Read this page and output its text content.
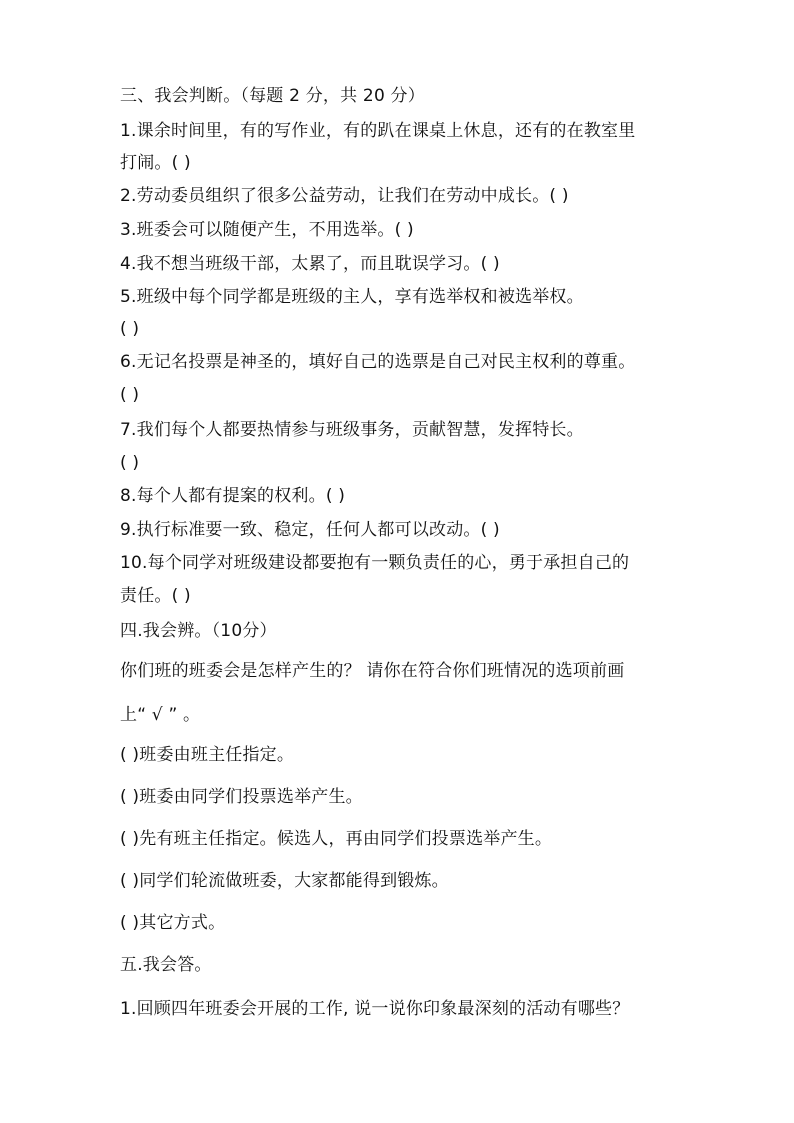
三、我会判断。（每题 2 分，共 20 分）
1.课余时间里，有的写作业，有的趴在课桌上休息，还有的在教室里
打闹。( )
2.劳动委员组织了很多公益劳动，让我们在劳动中成长。( )
3.班委会可以随便产生，不用选举。( )
4.我不想当班级干部，太累了，而且耽误学习。( )
5.班级中每个同学都是班级的主人，享有选举权和被选举权。
( )
6.无记名投票是神圣的，填好自己的选票是自己对民主权利的尊重。
( )
7.我们每个人都要热情参与班级事务，贡献智慧，发挥特长。
( )
8.每个人都有提案的权利。( )
9.执行标准要一致、稳定，任何人都可以改动。( )
10.每个同学对班级建设都要抱有一颗负责任的心，勇于承担自己的
责任。( )
四.我会辨。（10分）
你们班的班委会是怎样产生的？ 请你在符合你们班情况的选项前画
上“ √ ” 。
( )班委由班主任指定。
( )班委由同学们投票选举产生。
( )先有班主任指定。候选人，再由同学们投票选举产生。
( )同学们轮流做班委，大家都能得到锻炼。
( )其它方式。
五.我会答。
1.回顾四年班委会开展的工作, 说一说你印象最深刻的活动有哪些？
